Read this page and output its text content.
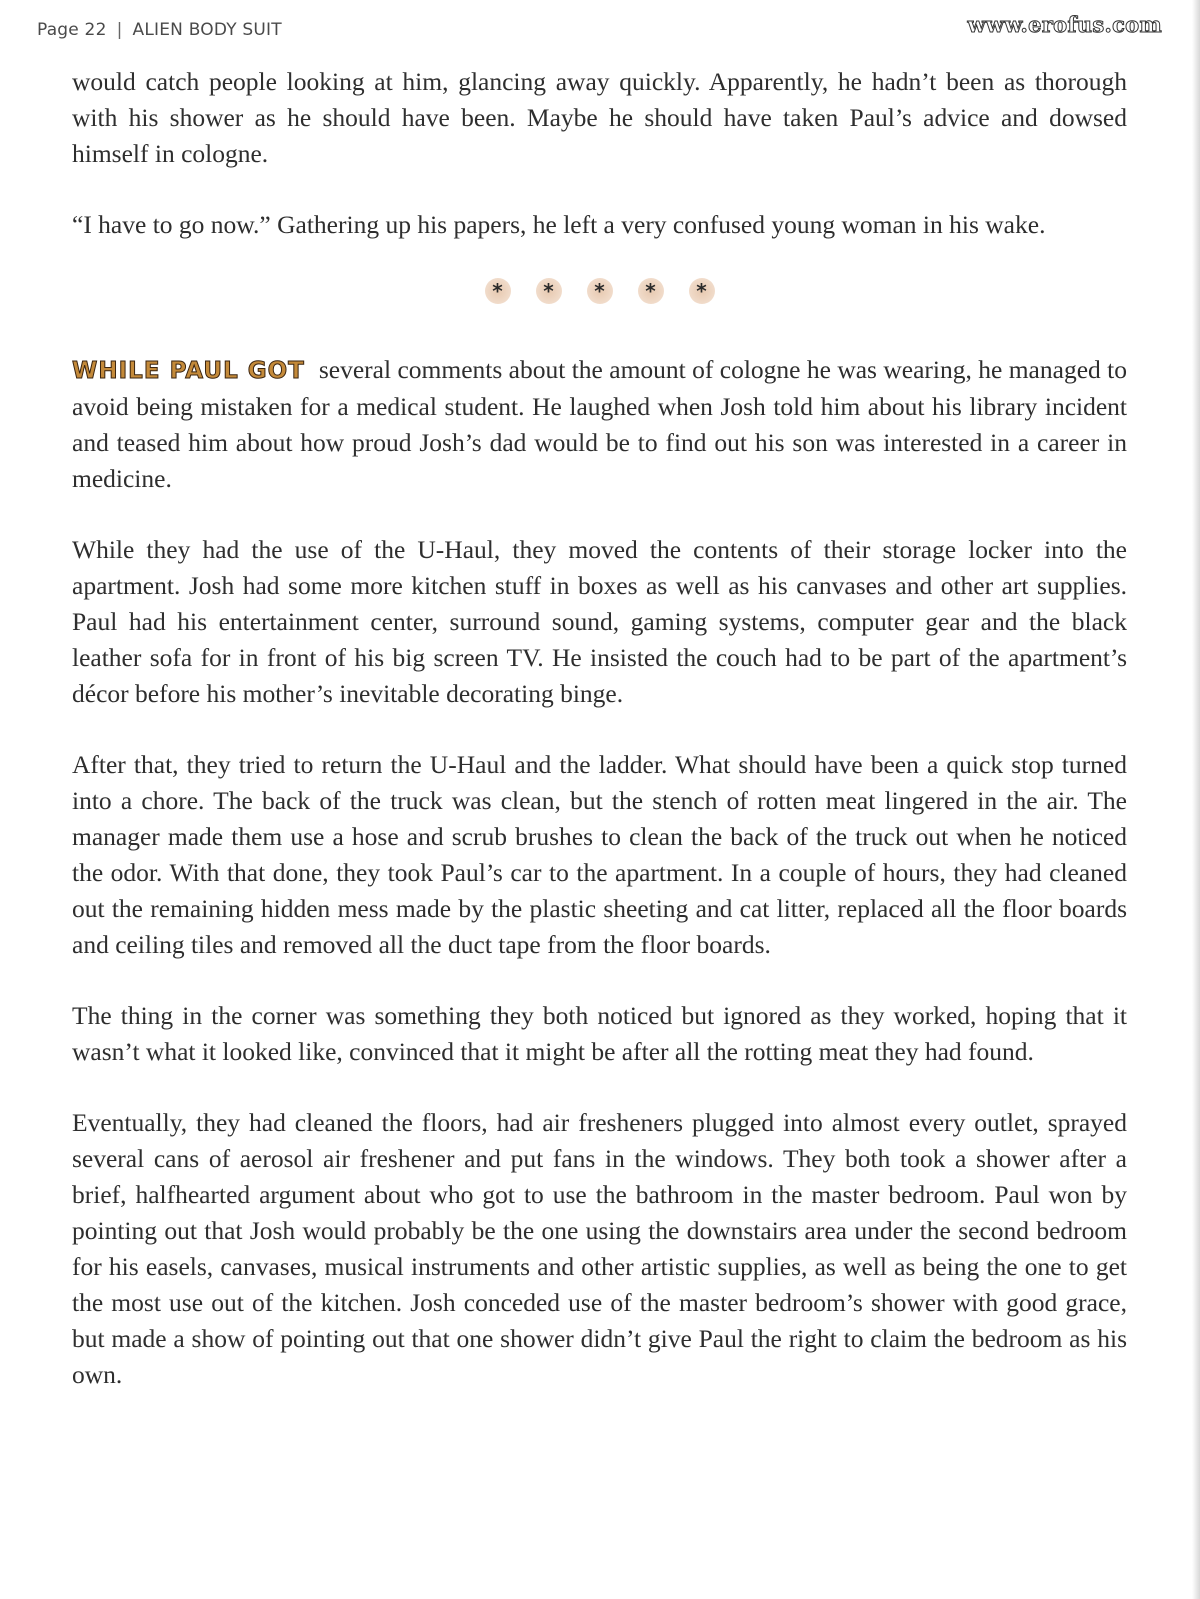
Page 22 | ALIEN BODY SUIT	www.erofus.com

would catch people looking at him, glancing away quickly. Apparently, he hadn’t been as thorough with his shower as he should have been. Maybe he should have taken Paul’s advice and dowsed himself in cologne.

“I have to go now.” Gathering up his papers, he left a very confused young woman in his wake.

*	*	*	*	*

WHILE PAUL GOT several comments about the amount of cologne he was wearing, he managed to avoid being mistaken for a medical student. He laughed when Josh told him about his library incident and teased him about how proud Josh’s dad would be to find out his son was interested in a career in medicine.

While they had the use of the U-Haul, they moved the contents of their storage locker into the apartment. Josh had some more kitchen stuff in boxes as well as his canvases and other art supplies. Paul had his entertainment center, surround sound, gaming systems, computer gear and the black leather sofa for in front of his big screen TV. He insisted the couch had to be part of the apartment’s décor before his mother’s inevitable decorating binge.

After that, they tried to return the U-Haul and the ladder. What should have been a quick stop turned into a chore. The back of the truck was clean, but the stench of rotten meat lingered in the air. The manager made them use a hose and scrub brushes to clean the back of the truck out when he noticed the odor. With that done, they took Paul’s car to the apartment. In a couple of hours, they had cleaned out the remaining hidden mess made by the plastic sheeting and cat litter, replaced all the floor boards and ceiling tiles and removed all the duct tape from the floor boards.

The thing in the corner was something they both noticed but ignored as they worked, hoping that it wasn’t what it looked like, convinced that it might be after all the rotting meat they had found.

Eventually, they had cleaned the floors, had air fresheners plugged into almost every outlet, sprayed several cans of aerosol air freshener and put fans in the windows. They both took a shower after a brief, halfhearted argument about who got to use the bathroom in the master bedroom. Paul won by pointing out that Josh would probably be the one using the downstairs area under the second bedroom for his easels, canvases, musical instruments and other artistic supplies, as well as being the one to get the most use out of the kitchen. Josh conceded use of the master bedroom’s shower with good grace, but made a show of pointing out that one shower didn’t give Paul the right to claim the bedroom as his own.
